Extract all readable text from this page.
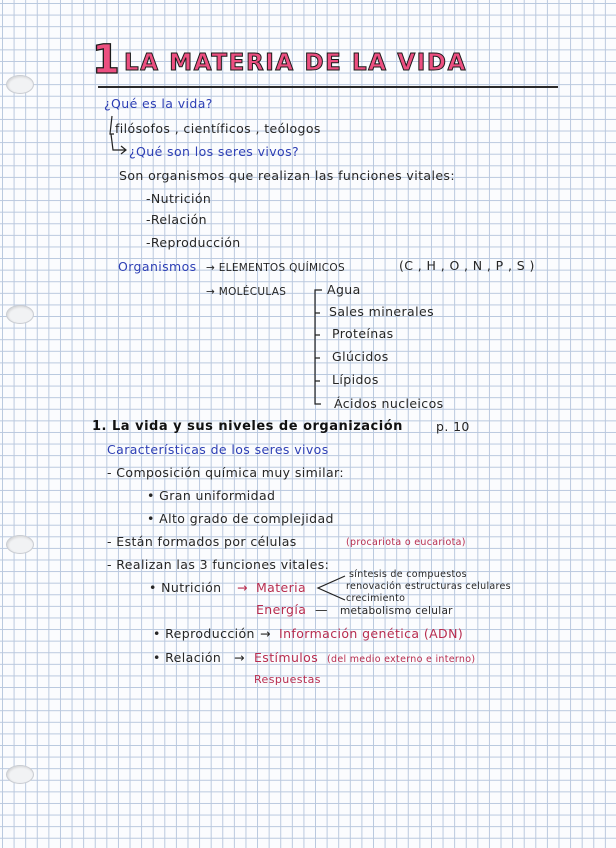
1 LA MATERIA DE LA VIDA
¿Qué es la vida?
filósofos , científicos , teólogos
¿Qué son los seres vivos?
Son organismos que realizan las funciones vitales:
-Nutrición
-Relación
-Reproducción
Organismos → ELEMENTOS QUÍMICOS	(C , H , O , N , P , S )
→ MOLÉCULAS	Agua
Sales minerales
Proteínas
Glúcidos
Lípidos
Ácidos nucleicos
1. La vida y sus niveles de organización	p. 10
Características de los seres vivos
- Composición química muy similar:
• Gran uniformidad
• Alto grado de complejidad
- Están formados por células	(procariota o eucariota)
- Realizan las 3 funciones vitales:
• Nutrición → Materia
síntesis de compuestos
renovación estructuras celulares
crecimiento
Energía — metabolismo celular
• Reproducción → Información genética (ADN)
• Relación → Estímulos (del medio externo e interno)
Respuestas
